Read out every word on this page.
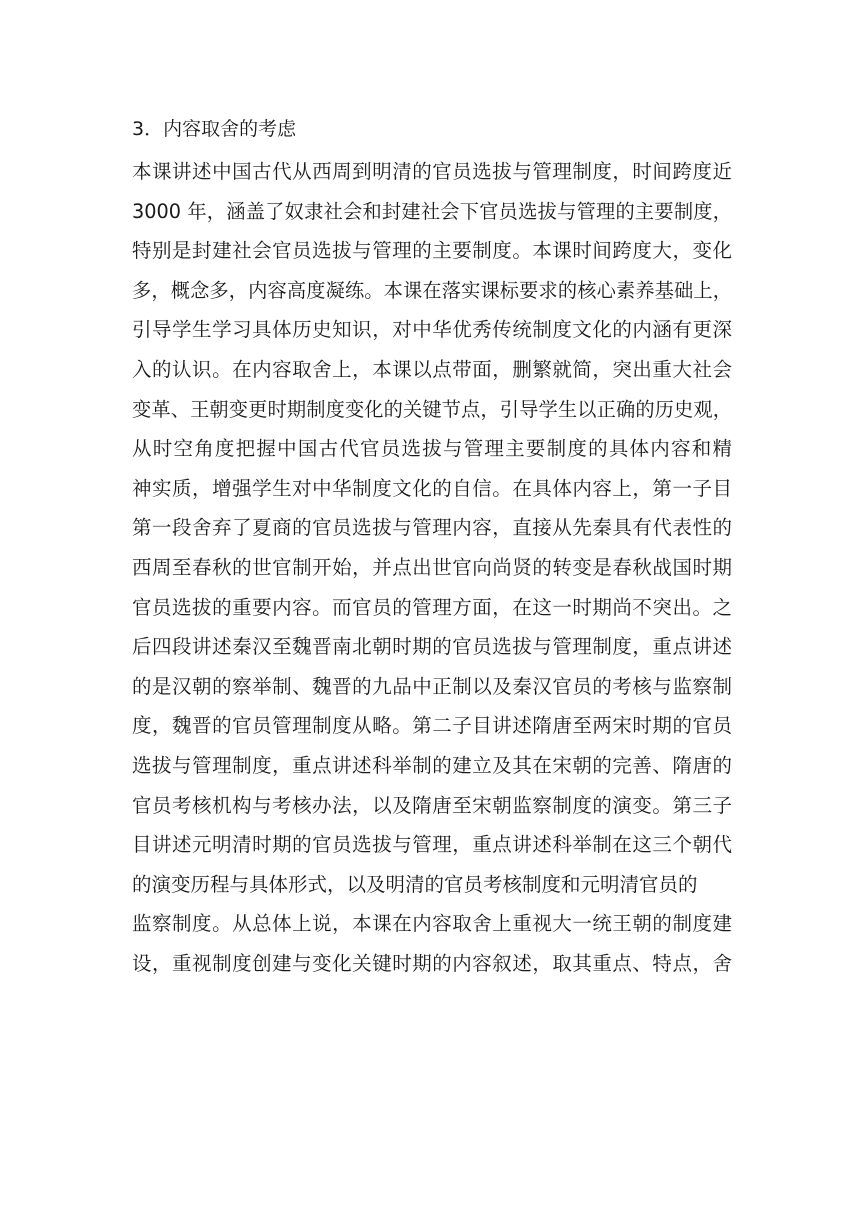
3．内容取舍的考虑
本课讲述中国古代从西周到明清的官员选拔与管理制度，时间跨度近
3000 年，涵盖了奴隶社会和封建社会下官员选拔与管理的主要制度，
特别是封建社会官员选拔与管理的主要制度。本课时间跨度大，变化
多，概念多，内容高度凝练。本课在落实课标要求的核心素养基础上，
引导学生学习具体历史知识，对中华优秀传统制度文化的内涵有更深
入的认识。在内容取舍上，本课以点带面，删繁就简，突出重大社会
变革、王朝变更时期制度变化的关键节点，引导学生以正确的历史观，
从时空角度把握中国古代官员选拔与管理主要制度的具体内容和精
神实质，增强学生对中华制度文化的自信。在具体内容上，第一子目
第一段舍弃了夏商的官员选拔与管理内容，直接从先秦具有代表性的
西周至春秋的世官制开始，并点出世官向尚贤的转变是春秋战国时期
官员选拔的重要内容。而官员的管理方面，在这一时期尚不突出。之
后四段讲述秦汉至魏晋南北朝时期的官员选拔与管理制度，重点讲述
的是汉朝的察举制、魏晋的九品中正制以及秦汉官员的考核与监察制
度，魏晋的官员管理制度从略。第二子目讲述隋唐至两宋时期的官员
选拔与管理制度，重点讲述科举制的建立及其在宋朝的完善、隋唐的
官员考核机构与考核办法，以及隋唐至宋朝监察制度的演变。第三子
目讲述元明清时期的官员选拔与管理，重点讲述科举制在这三个朝代
的演变历程与具体形式，以及明清的官员考核制度和元明清官员的
监察制度。从总体上说，本课在内容取舍上重视大一统王朝的制度建
设，重视制度创建与变化关键时期的内容叙述，取其重点、特点，舍
